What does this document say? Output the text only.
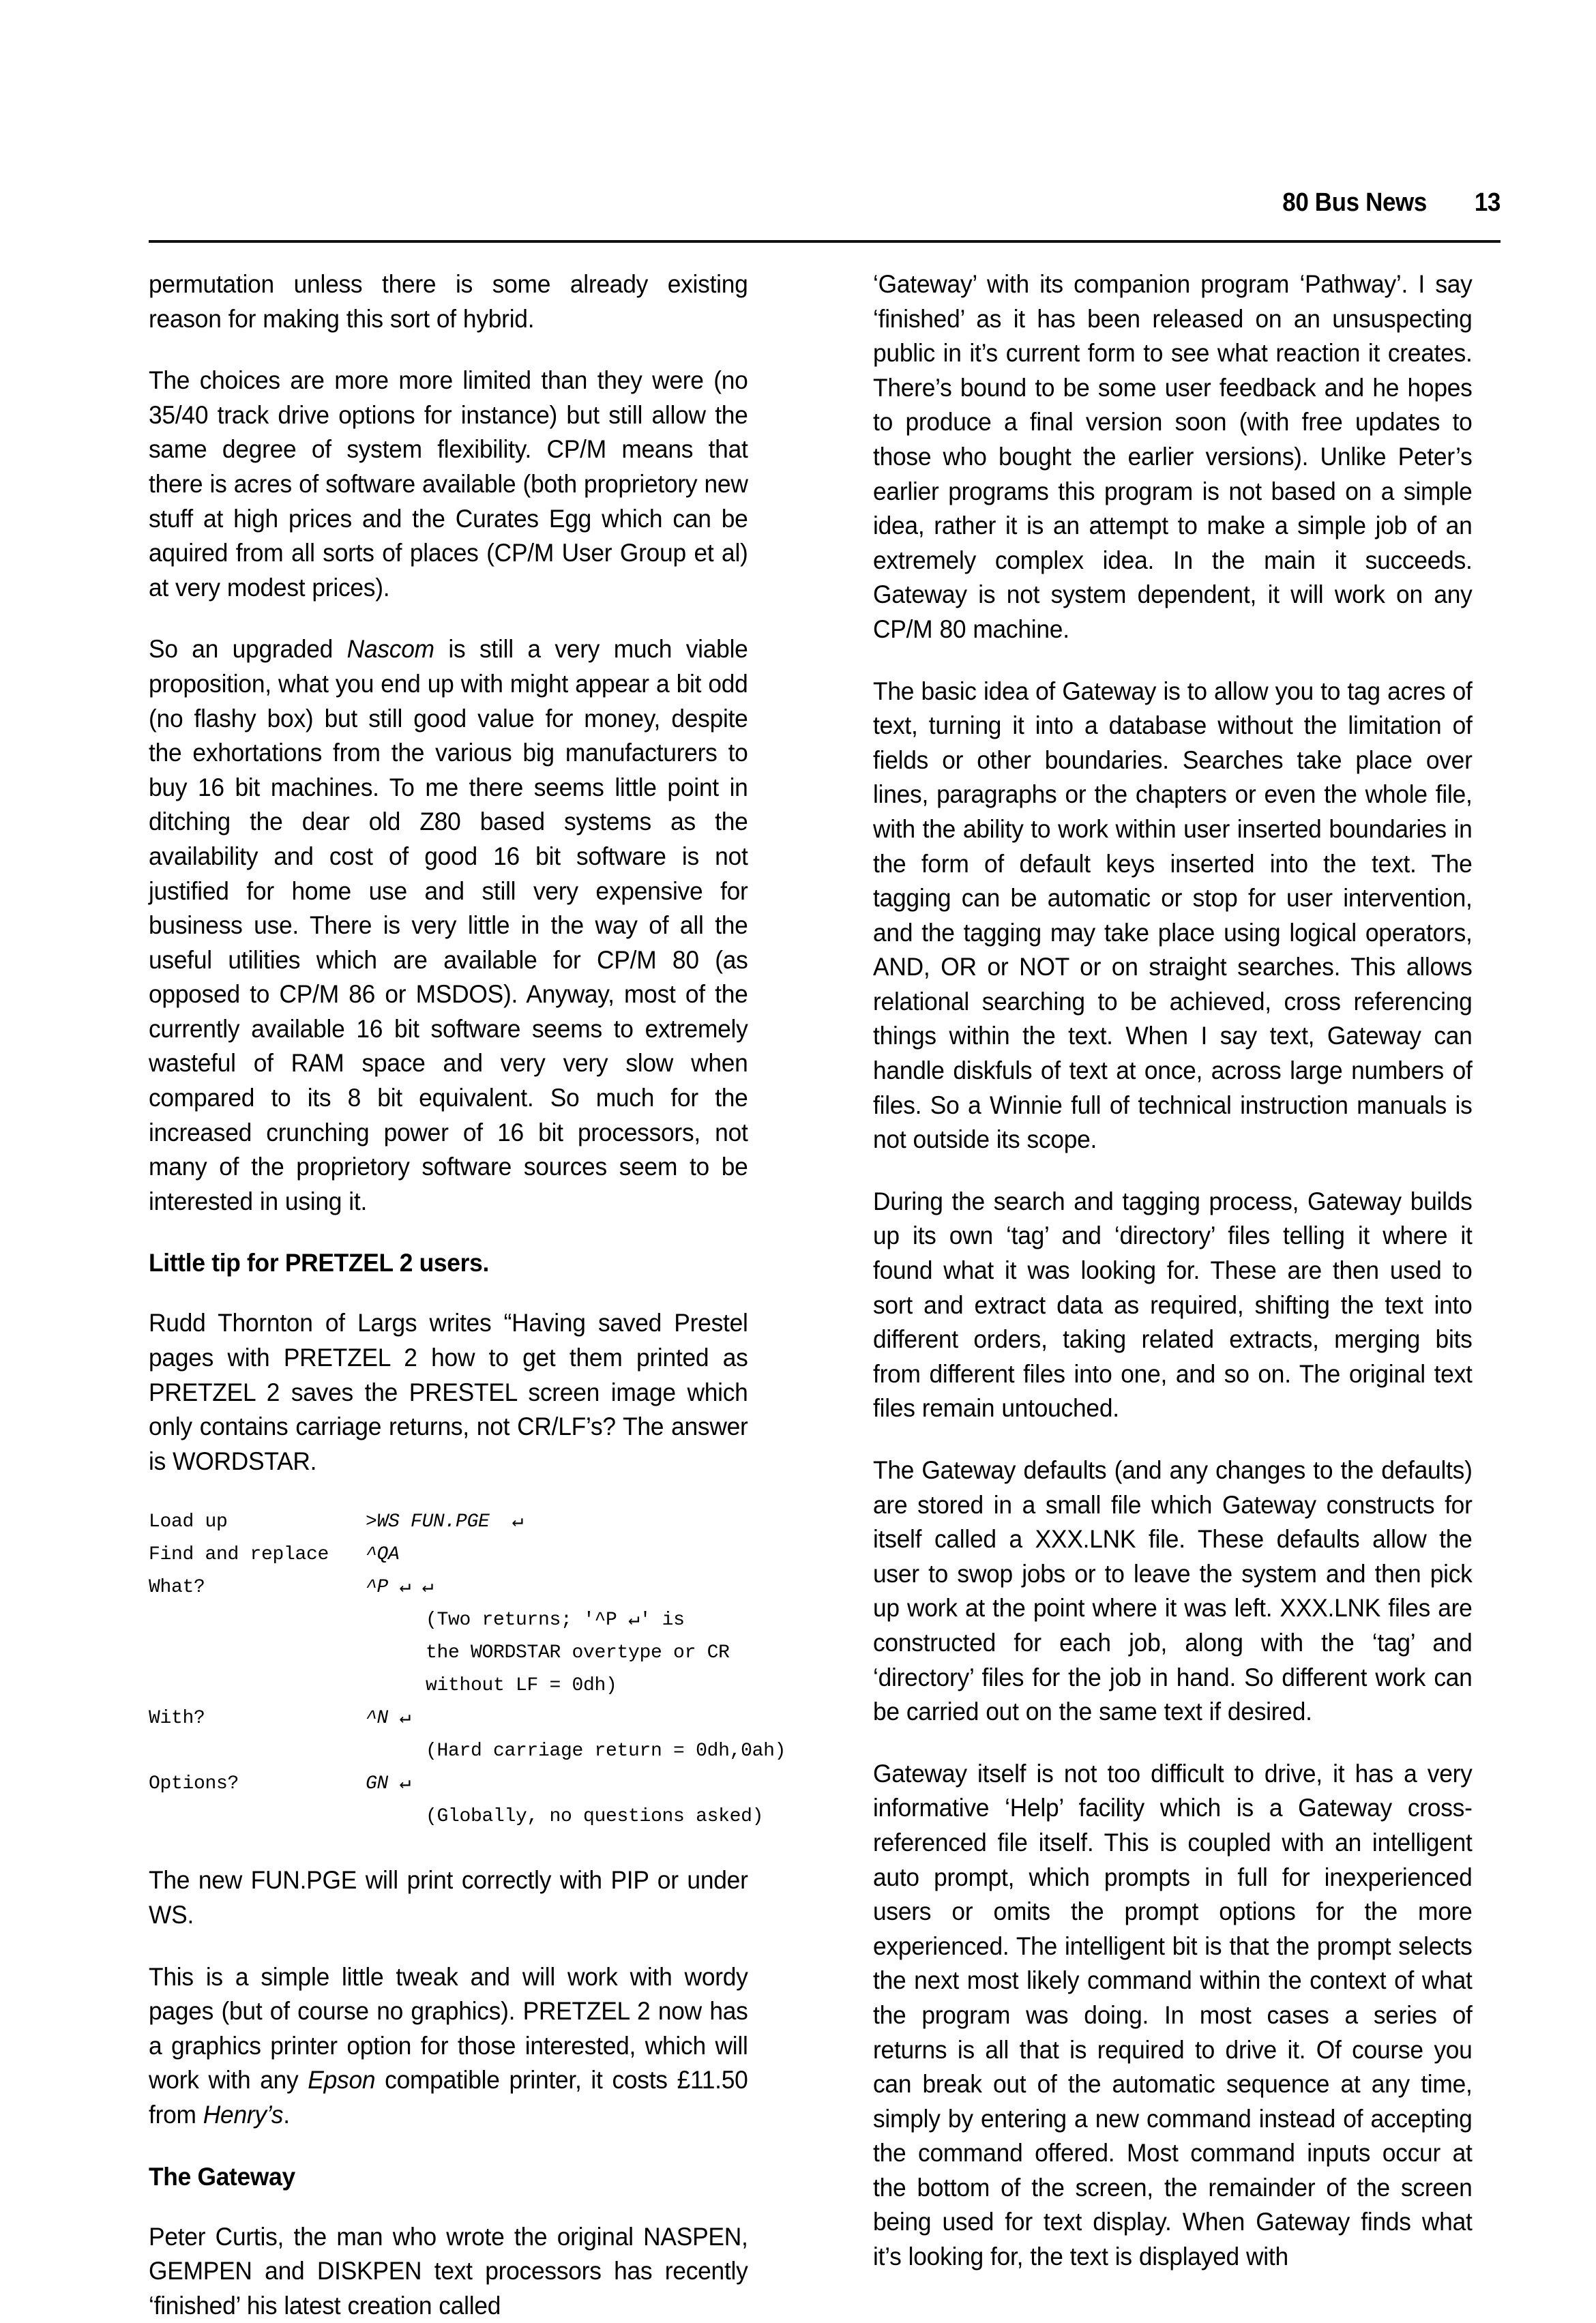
80 Bus News 13

permutation unless there is some already existing reason for making this sort of hybrid.

The choices are more more limited than they were (no 35/40 track drive options for instance) but still allow the same degree of system flexibility. CP/M means that there is acres of software available (both proprietory new stuff at high prices and the Curates Egg which can be aquired from all sorts of places (CP/M User Group et al) at very modest prices).

So an upgraded Nascom is still a very much viable proposition, what you end up with might appear a bit odd (no flashy box) but still good value for money, despite the exhortations from the various big manufacturers to buy 16 bit machines. To me there seems little point in ditching the dear old Z80 based systems as the availability and cost of good 16 bit software is not justified for home use and still very expensive for business use. There is very little in the way of all the useful utilities which are available for CP/M 80 (as opposed to CP/M 86 or MSDOS). Anyway, most of the currently available 16 bit software seems to extremely wasteful of RAM space and very very slow when compared to its 8 bit equivalent. So much for the increased crunching power of 16 bit processors, not many of the proprietory software sources seem to be interested in using it.

Little tip for PRETZEL 2 users.

Rudd Thornton of Largs writes “Having saved Prestel pages with PRETZEL 2 how to get them printed as PRETZEL 2 saves the PRESTEL screen image which only contains carriage returns, not CR/LF’s? The answer is WORDSTAR.

Load up	>WS FUN.PGE  ↵
Find and replace	^QA
What?	^P ↵ ↵
(Two returns; '^P ↵' is
the WORDSTAR overtype or CR
without LF = 0dh)
With?	^N ↵
(Hard carriage return = 0dh,0ah)
Options?	GN ↵
(Globally, no questions asked)

The new FUN.PGE will print correctly with PIP or under WS.

This is a simple little tweak and will work with wordy pages (but of course no graphics). PRETZEL 2 now has a graphics printer option for those interested, which will work with any Epson compatible printer, it costs £11.50 from Henry’s.

The Gateway

Peter Curtis, the man who wrote the original NASPEN, GEMPEN and DISKPEN text processors has recently ‘finished’ his latest creation called

‘Gateway’ with its companion program ‘Pathway’. I say ‘finished’ as it has been released on an unsuspecting public in it’s current form to see what reaction it creates. There’s bound to be some user feedback and he hopes to produce a final version soon (with free updates to those who bought the earlier versions). Unlike Peter’s earlier programs this program is not based on a simple idea, rather it is an attempt to make a simple job of an extremely complex idea. In the main it succeeds. Gateway is not system dependent, it will work on any CP/M 80 machine.

The basic idea of Gateway is to allow you to tag acres of text, turning it into a database without the limitation of fields or other boundaries. Searches take place over lines, paragraphs or the chapters or even the whole file, with the ability to work within user inserted boundaries in the form of default keys inserted into the text. The tagging can be automatic or stop for user intervention, and the tagging may take place using logical operators, AND, OR or NOT or on straight searches. This allows relational searching to be achieved, cross referencing things within the text. When I say text, Gateway can handle diskfuls of text at once, across large numbers of files. So a Winnie full of technical instruction manuals is not outside its scope.

During the search and tagging process, Gateway builds up its own ‘tag’ and ‘directory’ files telling it where it found what it was looking for. These are then used to sort and extract data as required, shifting the text into different orders, taking related extracts, merging bits from different files into one, and so on. The original text files remain untouched.

The Gateway defaults (and any changes to the defaults) are stored in a small file which Gateway constructs for itself called a XXX.LNK file. These defaults allow the user to swop jobs or to leave the system and then pick up work at the point where it was left. XXX.LNK files are constructed for each job, along with the ‘tag’ and ‘directory’ files for the job in hand. So different work can be carried out on the same text if desired.

Gateway itself is not too difficult to drive, it has a very informative ‘Help’ facility which is a Gateway cross-referenced file itself. This is coupled with an intelligent auto prompt, which prompts in full for inexperienced users or omits the prompt options for the more experienced. The intelligent bit is that the prompt selects the next most likely command within the context of what the program was doing. In most cases a series of returns is all that is required to drive it. Of course you can break out of the automatic sequence at any time, simply by entering a new command instead of accepting the command offered. Most command inputs occur at the bottom of the screen, the remainder of the screen being used for text display. When Gateway finds what it’s looking for, the text is displayed with
